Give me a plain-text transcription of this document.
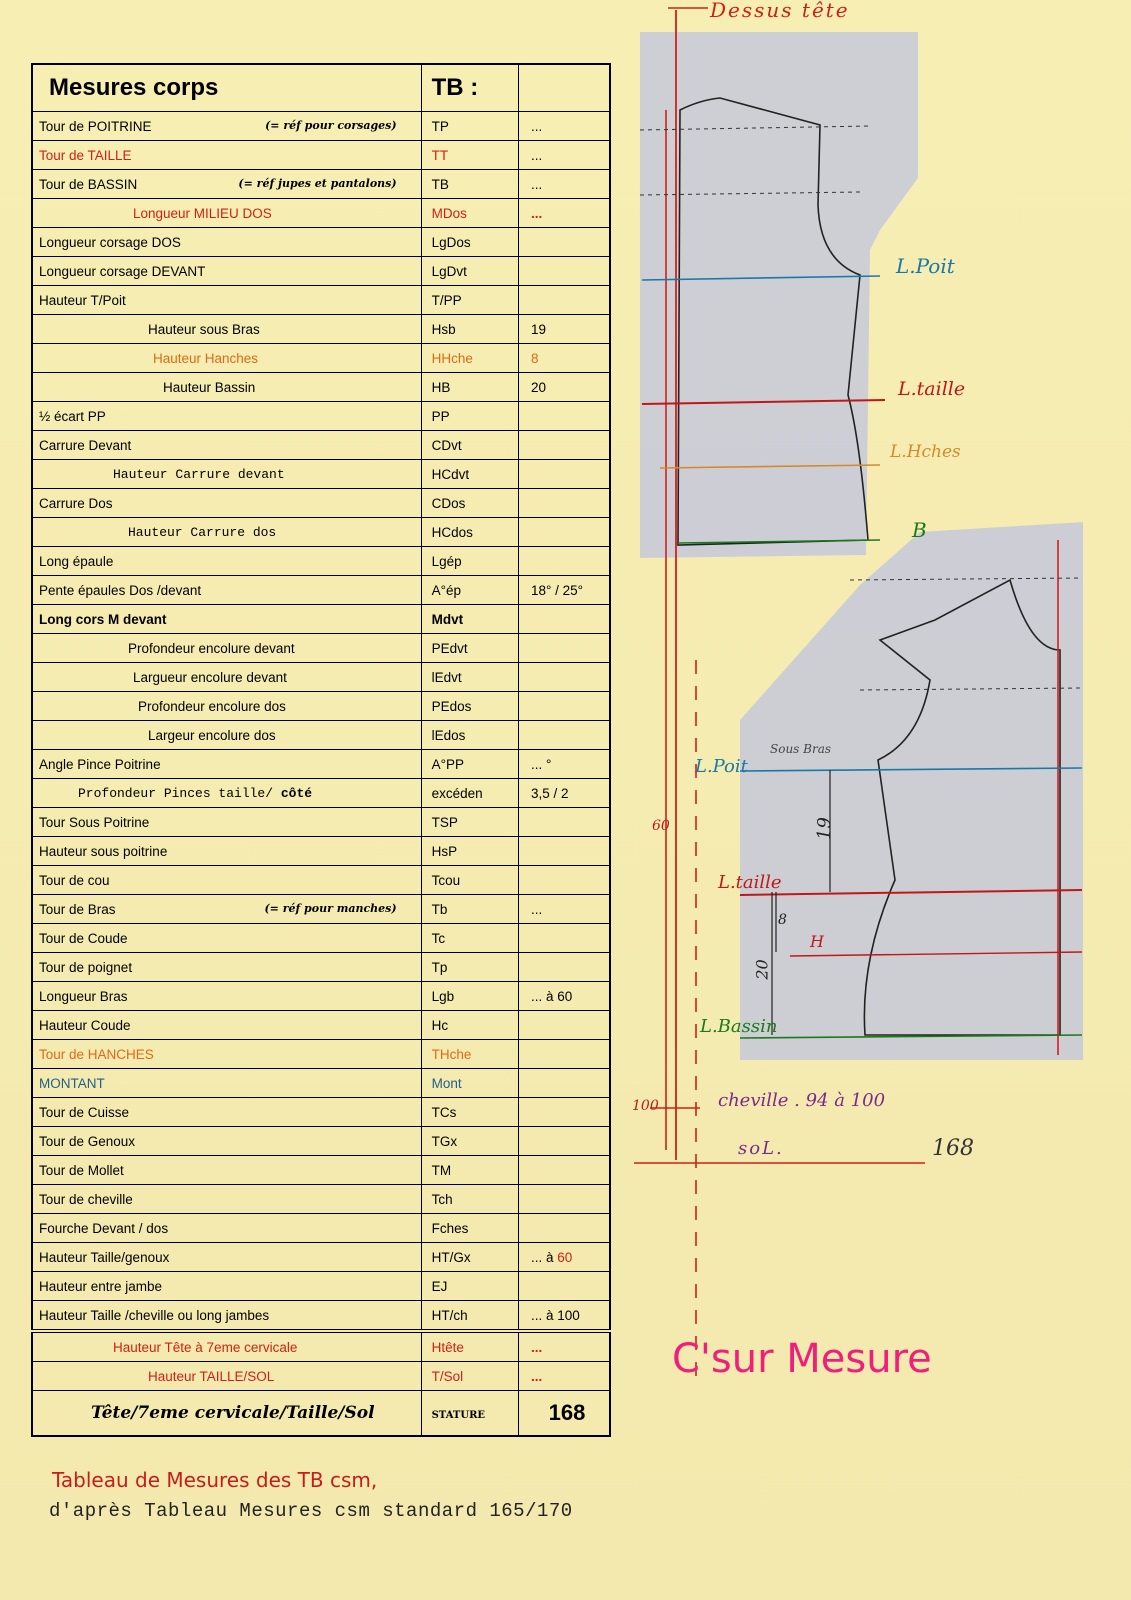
Mesures corps	TB :	
Tour de POITRINE (= réf pour corsages)	TP	...
Tour de TAILLE	TT	...
Tour de BASSIN (= réf jupes et pantalons)	TB	...
Longueur MILIEU DOS	MDos	...
Longueur corsage DOS	LgDos	
Longueur corsage DEVANT	LgDvt	
Hauteur T/Poit	T/PP	
Hauteur sous Bras	Hsb	19
Hauteur Hanches	HHche	8
Hauteur Bassin	HB	20
½ écart PP	PP	
Carrure Devant	CDvt	
Hauteur Carrure devant	HCdvt	
Carrure Dos	CDos	
Hauteur Carrure dos	HCdos	
Long épaule	Lgép	
Pente épaules Dos /devant	A°ép	18° / 25°
Long cors M devant	Mdvt	
Profondeur encolure devant	PEdvt	
Largueur encolure devant	lEdvt	
Profondeur encolure dos	PEdos	
Largeur encolure dos	lEdos	
Angle Pince Poitrine	A°PP	... °
Profondeur Pinces taille/ côté	excéden	3,5 / 2
Tour Sous Poitrine	TSP	
Hauteur sous poitrine	HsP	
Tour de cou	Tcou	
Tour de Bras (= réf pour manches)	Tb	...
Tour de Coude	Tc	
Tour de poignet	Tp	
Longueur Bras	Lgb	... à 60
Hauteur Coude	Hc	
Tour de HANCHES	THche	
MONTANT	Mont	
Tour de Cuisse	TCs	
Tour de Genoux	TGx	
Tour de Mollet	TM	
Tour de cheville	Tch	
Fourche Devant / dos	Fches	
Hauteur Taille/genoux	HT/Gx	... à 60
Hauteur entre jambe	EJ	
Hauteur Taille /cheville ou long jambes	HT/ch	... à 100
Hauteur Tête à 7eme cervicale	Htête	...
Hauteur TAILLE/SOL	T/Sol	...
Tête/7eme cervicale/Taille/Sol	STATURE	168
Dessus tête
L.Poit
L.taille
L.Hches
B
Sous Bras
L.Poit
L.taille
H
L.Bassin
19
8
20
60
100	cheville . 94 à 100
soL.	168
C'sur Mesure
Tableau de Mesures des TB csm,
d'après Tableau Mesures csm standard 165/170
